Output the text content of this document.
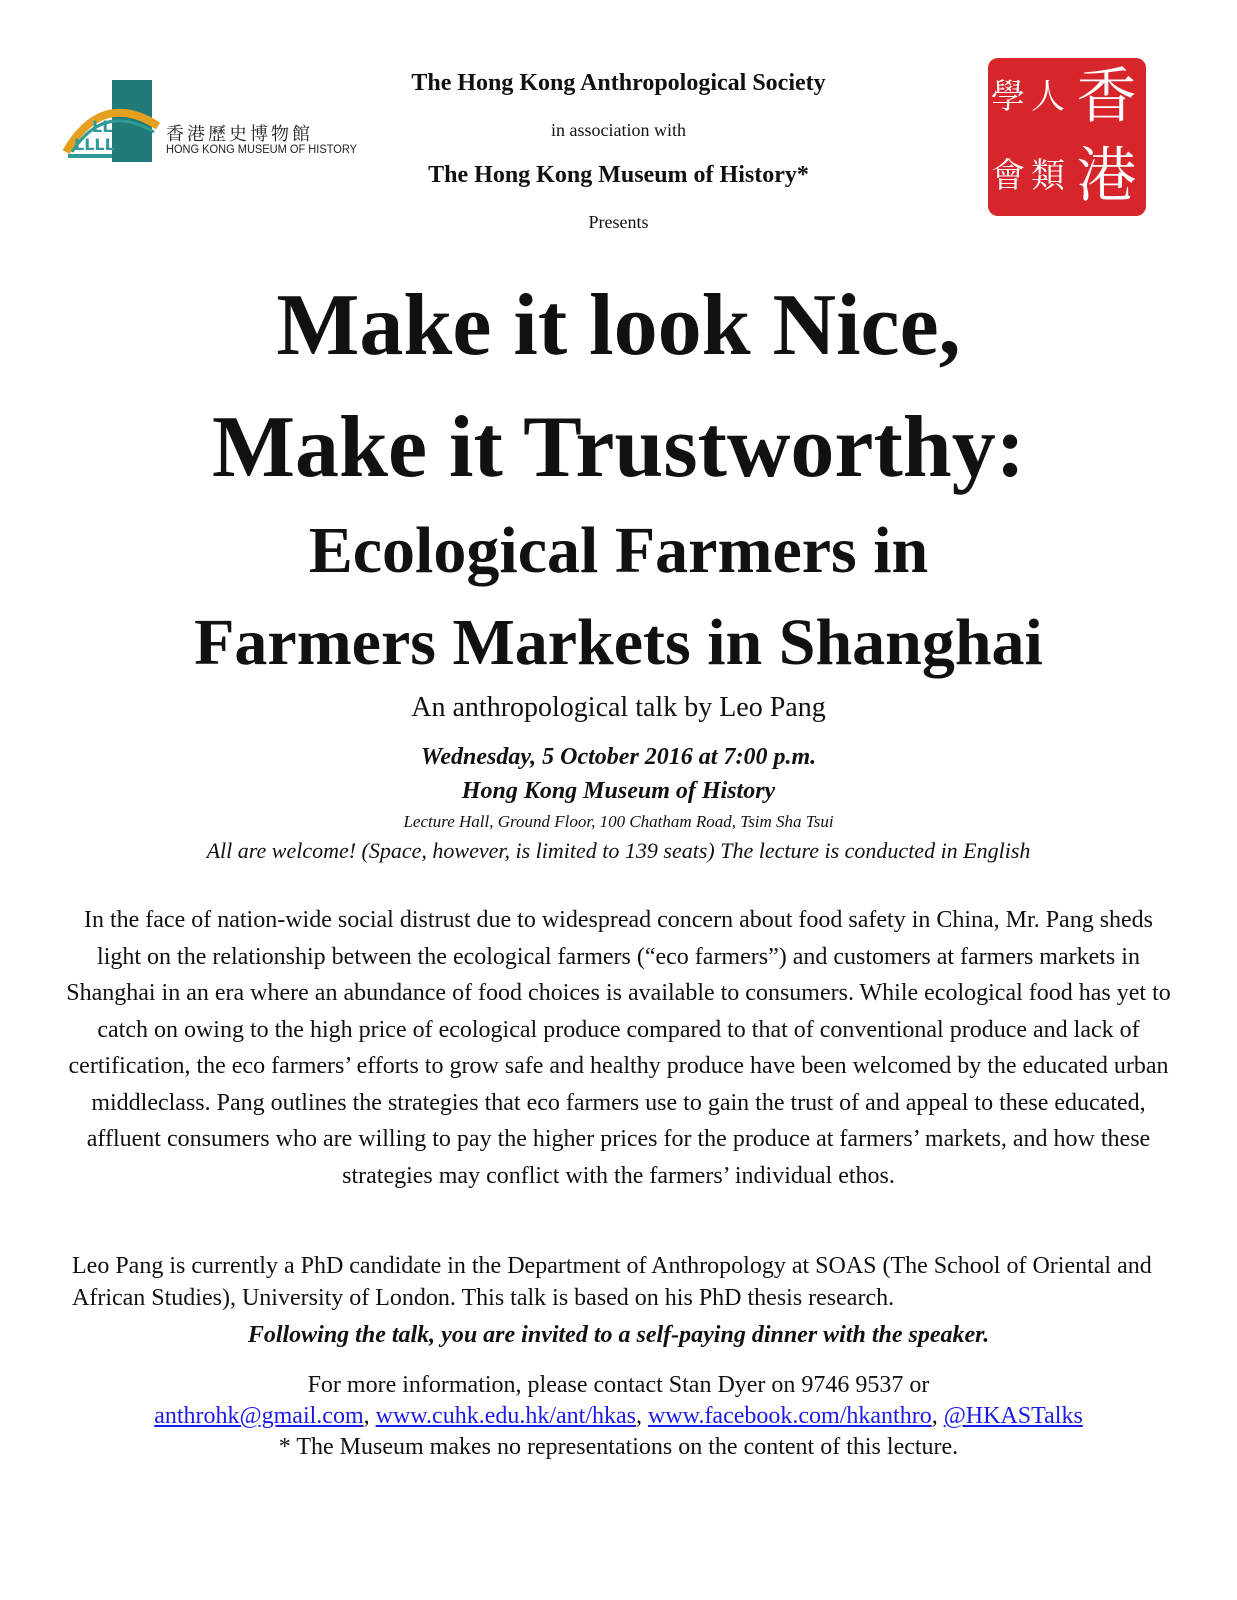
LL
LLLL	香港歷史博物館
HONG KONG MUSEUM OF HISTORY
香
港
人
類
學
會
The Hong Kong Anthropological Society
in association with
The Hong Kong Museum of History*
Presents
Make it look Nice,
Make it Trustworthy:
Ecological Farmers in
Farmers Markets in Shanghai
An anthropological talk by Leo Pang
Wednesday, 5 October 2016 at 7:00 p.m.
Hong Kong Museum of History
Lecture Hall, Ground Floor, 100 Chatham Road, Tsim Sha Tsui
All are welcome! (Space, however, is limited to 139 seats) The lecture is conducted in English
In the face of nation-wide social distrust due to widespread concern about food safety in China, Mr. Pang sheds light on the relationship between the ecological farmers (“eco farmers”) and customers at farmers markets in Shanghai in an era where an abundance of food choices is available to consumers. While ecological food has yet to catch on owing to the high price of ecological produce compared to that of conventional produce and lack of certification, the eco farmers’ efforts to grow safe and healthy produce have been welcomed by the educated urban middleclass. Pang outlines the strategies that eco farmers use to gain the trust of and appeal to these educated, affluent consumers who are willing to pay the higher prices for the produce at farmers’ markets, and how these strategies may conflict with the farmers’ individual ethos.
Leo Pang is currently a PhD candidate in the Department of Anthropology at SOAS (The School of Oriental and African Studies), University of London. This talk is based on his PhD thesis research.
Following the talk, you are invited to a self-paying dinner with the speaker.
For more information, please contact Stan Dyer on 9746 9537 or
anthrohk@gmail.com, www.cuhk.edu.hk/ant/hkas, www.facebook.com/hkanthro, @HKASTalks
* The Museum makes no representations on the content of this lecture.
